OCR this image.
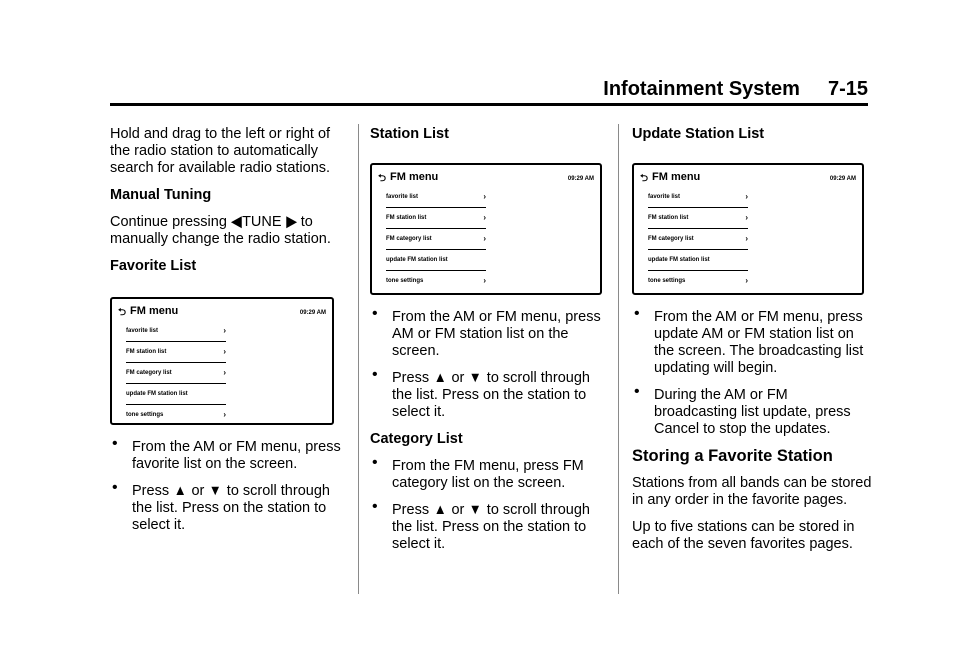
Infotainment System 7-15

Hold and drag to the left or right of the radio station to automatically search for available radio stations.

Manual Tuning

Continue pressing ◀TUNE ▶ to manually change the radio station.

Favorite List

⮌ FM menu	09:29 AM
favorite list	›
FM station list	›
FM category list	›
update FM station list
tone settings	›
• From the AM or FM menu, press favorite list on the screen.
• Press ▲ or ▼ to scroll through the list. Press on the station to select it.

Station List

⮌ FM menu	09:29 AM
favorite list	›
FM station list	›
FM category list	›
update FM station list
tone settings	›
• From the AM or FM menu, press AM or FM station list on the screen.
• Press ▲ or ▼ to scroll through the list. Press on the station to select it.

Category List

• From the FM menu, press FM category list on the screen.
• Press ▲ or ▼ to scroll through the list. Press on the station to select it.

Update Station List

⮌ FM menu	09:29 AM
favorite list	›
FM station list	›
FM category list	›
update FM station list
tone settings	›
• From the AM or FM menu, press update AM or FM station list on the screen. The broadcasting list updating will begin.
• During the AM or FM broadcasting list update, press Cancel to stop the updates.

Storing a Favorite Station

Stations from all bands can be stored in any order in the favorite pages.

Up to five stations can be stored in each of the seven favorites pages.
